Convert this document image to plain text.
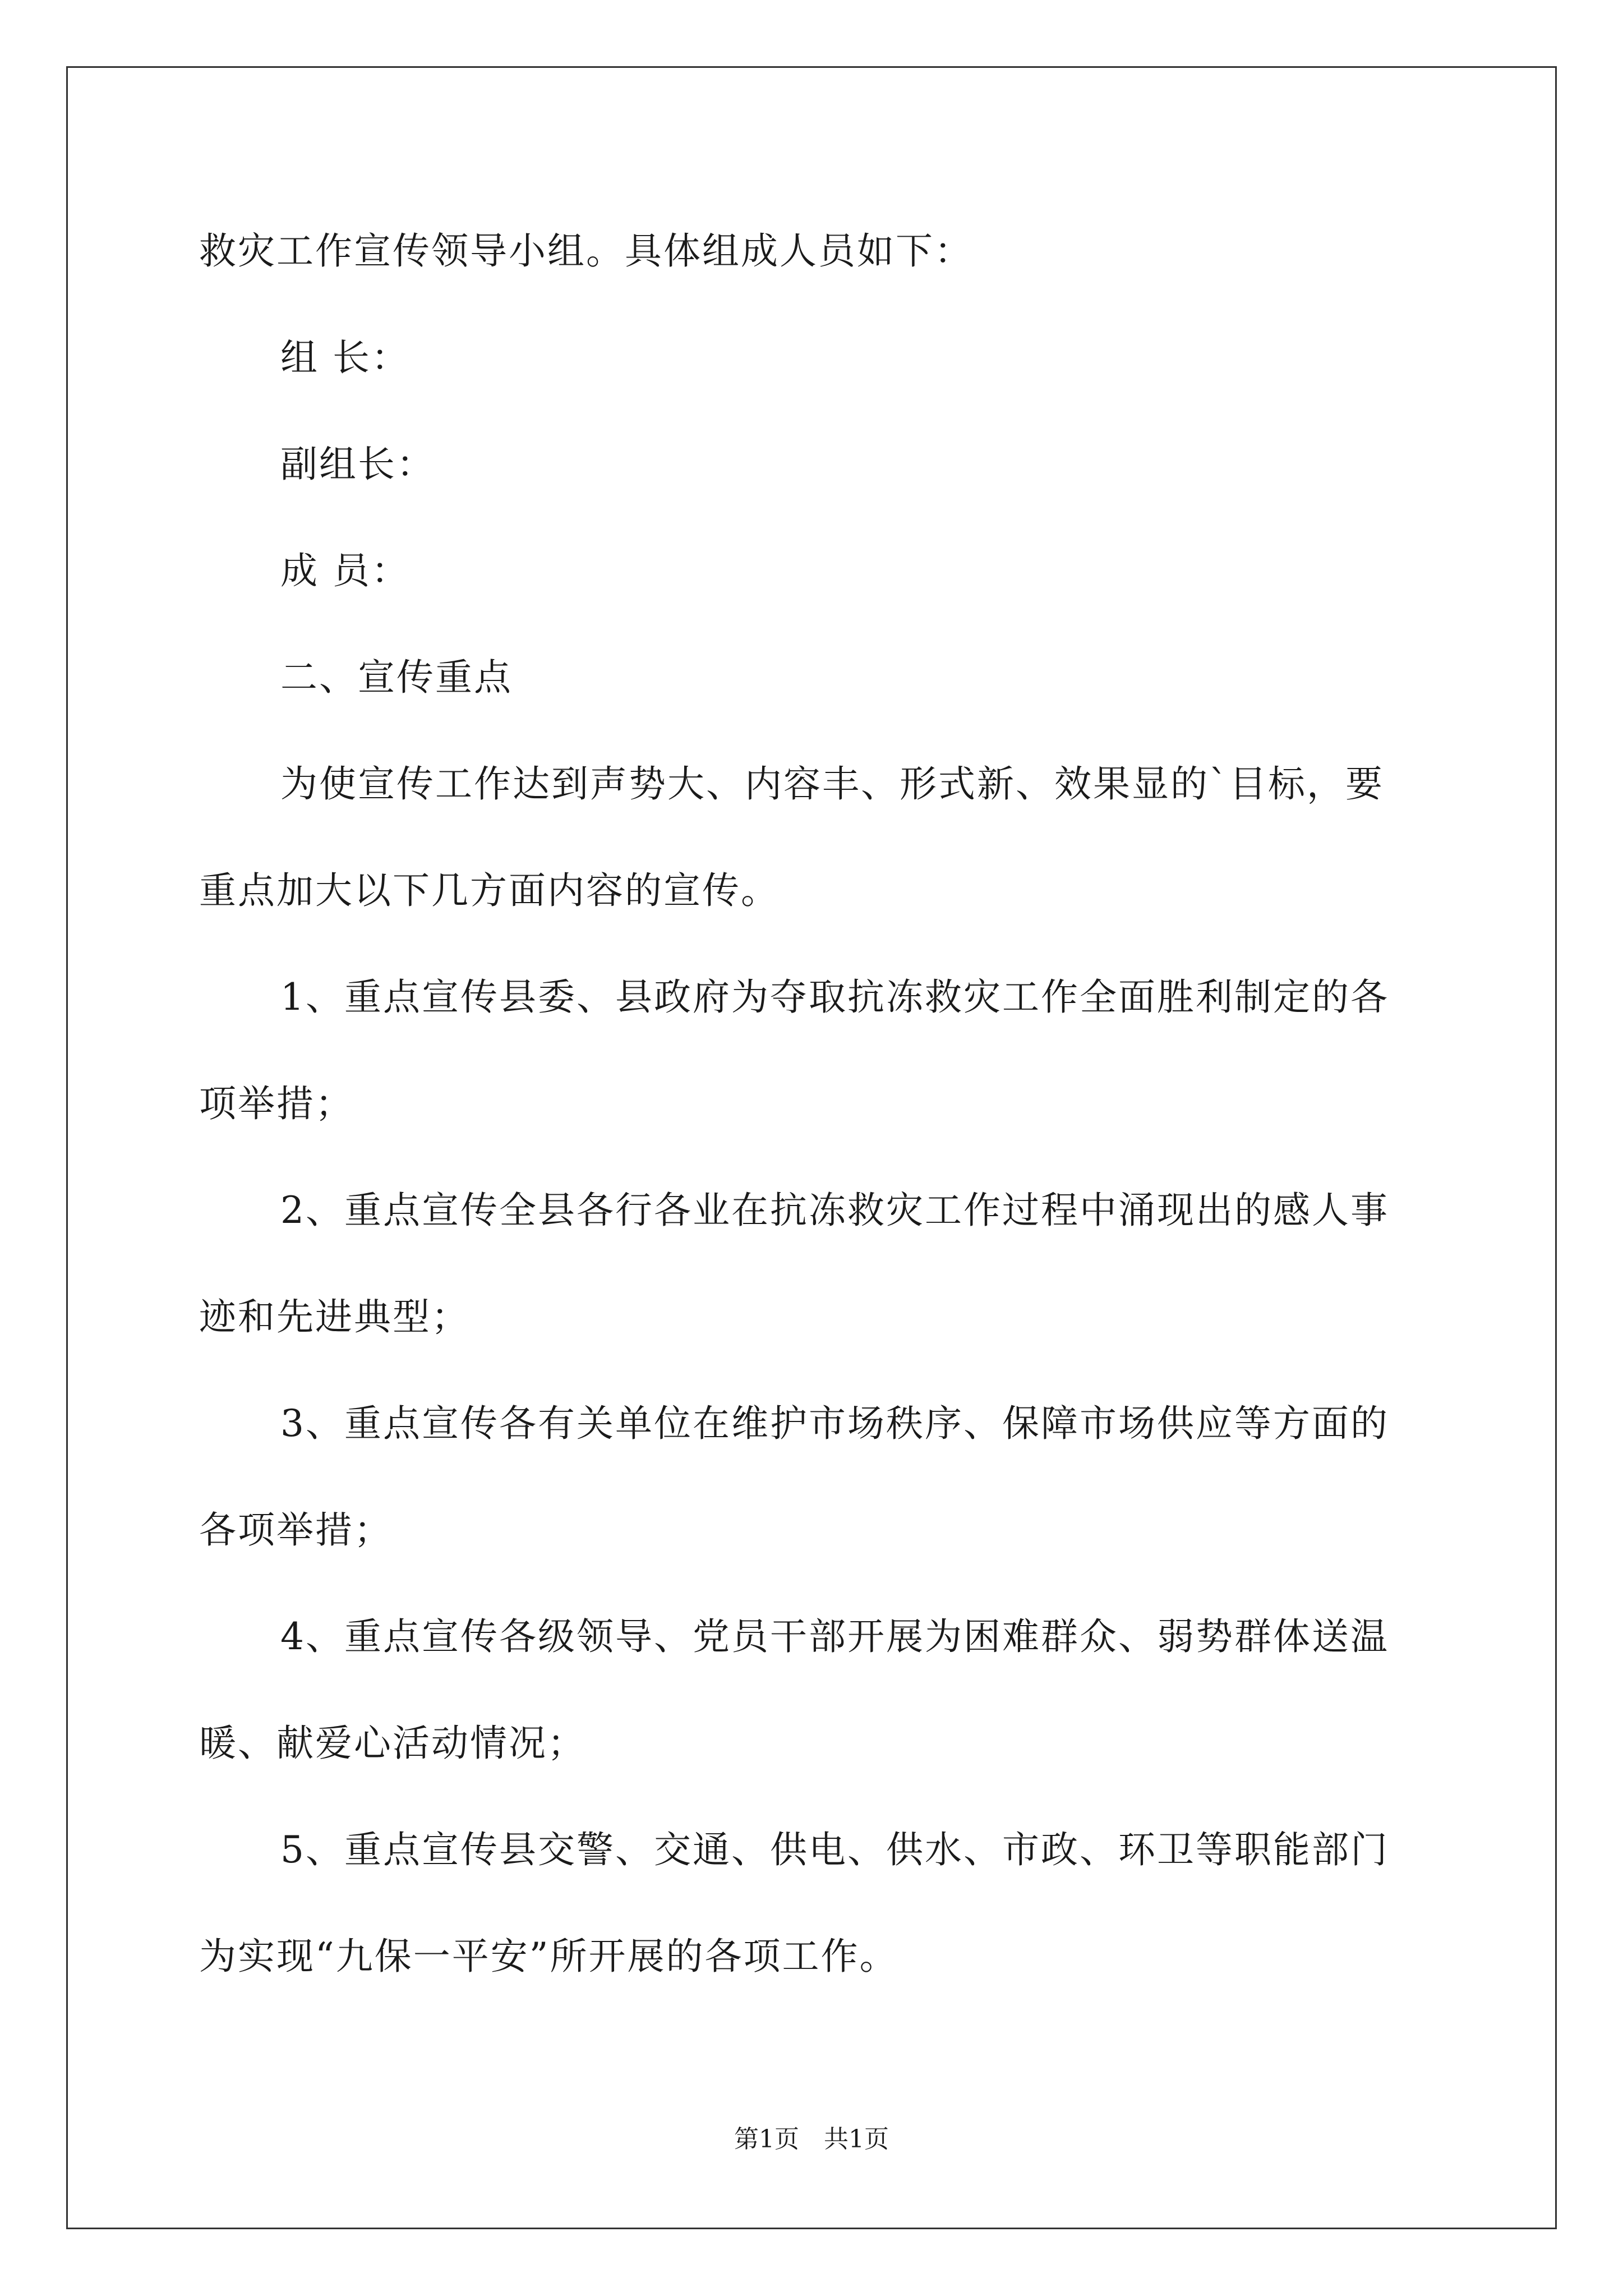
救灾工作宣传领导小组。具体组成人员如下：
组 长：
副组长：
成 员：
二、宣传重点
为使宣传工作达到声势大、内容丰、形式新、效果显的`目标，要
重点加大以下几方面内容的宣传。
1、重点宣传县委、县政府为夺取抗冻救灾工作全面胜利制定的各
项举措；
2、重点宣传全县各行各业在抗冻救灾工作过程中涌现出的感人事
迹和先进典型；
3、重点宣传各有关单位在维护市场秩序、保障市场供应等方面的
各项举措；
4、重点宣传各级领导、党员干部开展为困难群众、弱势群体送温
暖、献爱心活动情况；
5、重点宣传县交警、交通、供电、供水、市政、环卫等职能部门
为实现“九保一平安”所开展的各项工作。
第1页　共1页
